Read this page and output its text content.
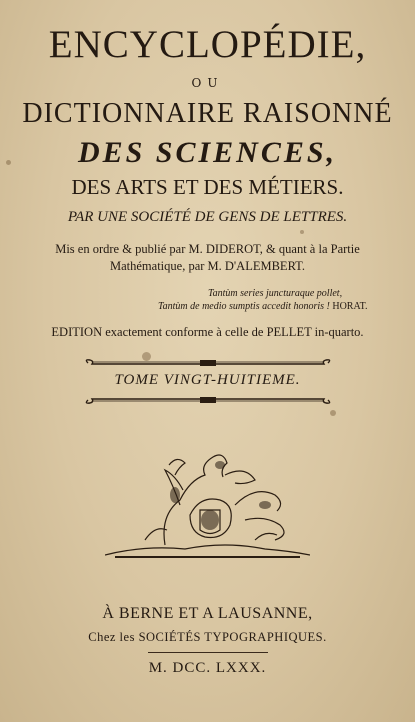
ENCYCLOPÉDIE,
OU
DICTIONNAIRE RAISONNÉ
DES SCIENCES,
DES ARTS ET DES MÉTIERS.
PAR UNE SOCIÉTÉ DE GENS DE LETTRES.
Mis en ordre & publié par M. DIDEROT, & quant à la Partie
Mathématique, par M. D'ALEMBERT.
Tantùm series juncturaque pollet,
Tantùm de medio sumptis accedit honoris ! HORAT.
EDITION exactement conforme à celle de PELLET in-quarto.
TOME VINGT-HUITIEME.
À BERNE ET A LAUSANNE,
Chez les SOCIÉTÉS TYPOGRAPHIQUES.
M. DCC. LXXX.
